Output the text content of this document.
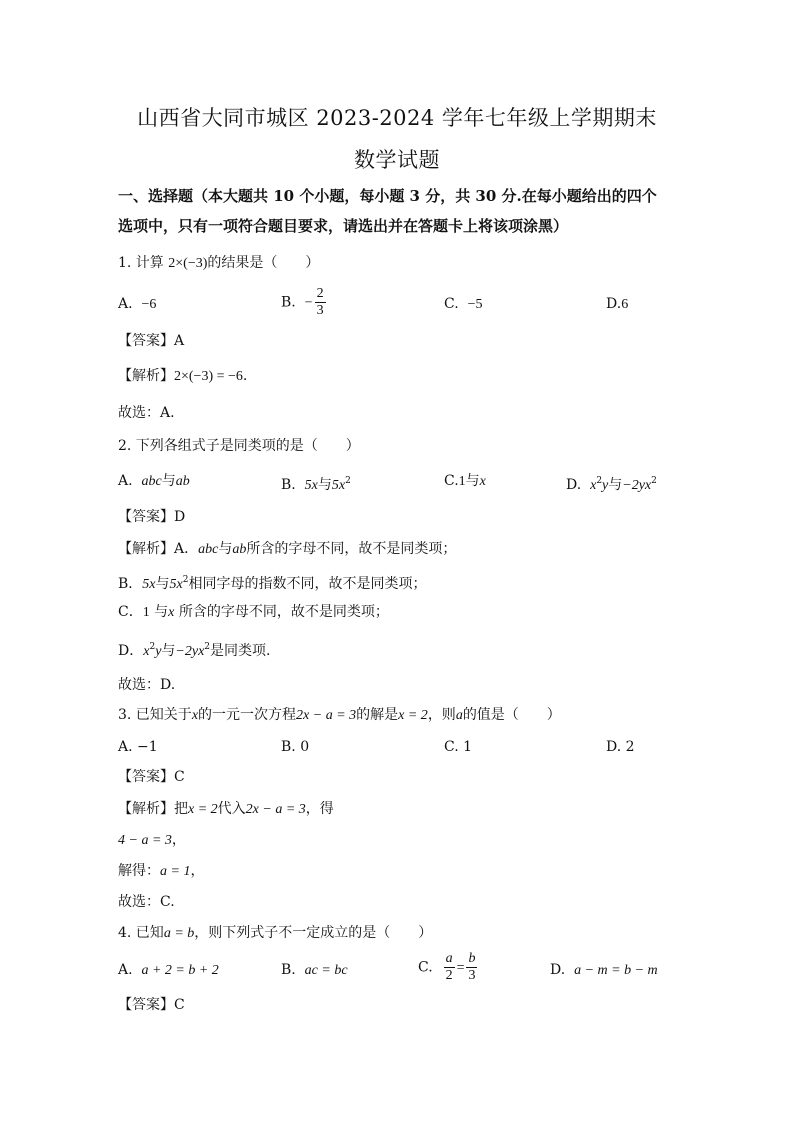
山西省大同市城区 2023-2024 学年七年级上学期期末
数学试题
一、选择题（本大题共 10 个小题，每小题 3 分，共 30 分.在每小题给出的四个
选项中，只有一项符合题目要求，请选出并在答题卡上将该项涂黑）
1. 计算 2×(−3)的结果是（　　）
A. −6	B. − $\frac{2}{3}$	C. −5	D.6
【答案】A
【解析】2×(−3) = −6.
故选：A.
2. 下列各组式子是同类项的是（　　）
A. abc与ab	B. 5x与$5x^2$	C.1与x	D. $x^2y$与$-2yx^2$
【答案】D
【解析】A．abc与ab所含的字母不同，故不是同类项；
B．5x与$5x^2$相同字母的指数不同，故不是同类项；
C．1 与x 所含的字母不同，故不是同类项；
D．$x^2y$与$-2yx^2$是同类项.
故选：D.
3. 已知关于x的一元一次方程2x − a = 3的解是x = 2，则a的值是（　　）
A. −1	B. 0	C. 1	D. 2
【答案】C
【解析】把x = 2代入2x − a = 3，得
4 − a = 3，
解得：a = 1，
故选：C.
4. 已知a = b，则下列式子不一定成立的是（　　）
A. a + 2 = b + 2	B. ac = bc	C. $\frac{a}{2} = \frac{b}{3}$	D. a − m = b − m
【答案】C
